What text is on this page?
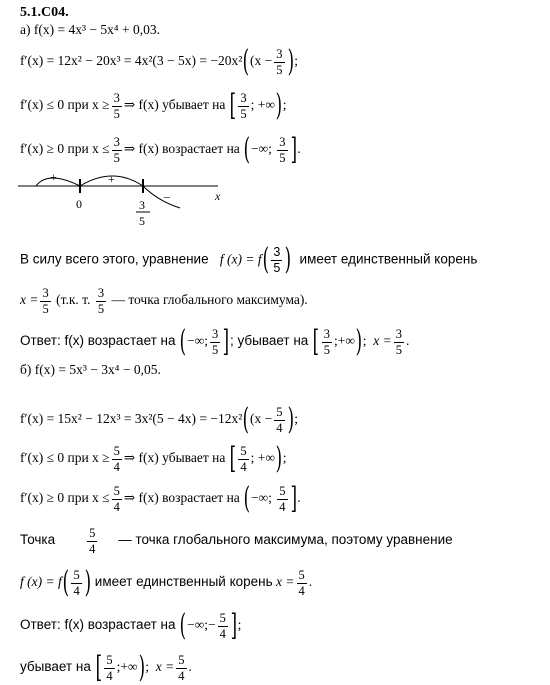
5.1.C04.
а) f(x) = 4x³ − 5x⁴ + 0,03.
$f'(x) = 12x^2 - 20x^3 = 4x^2(3 - 5x) = -20x^2((x - \frac{3}{5}$ );
f′(x) ≤ 0 при $x \ge \frac{3}{5}$ ⇒ f(x) убывает на [ $\frac{3}{5}$ ; +∞);
f′(x) ≥ 0 при $x \le \frac{3}{5}$ ⇒ f(x) возрастает на (−∞; $\frac{3}{5}$ ].
+	+
–
0	3
5
x
В силу всего этого, уравнение f $(x) = f( \frac{3}{5}$ ) имеет единственный корень
$x = \frac{3}{5} (т.к$. т. $\frac{3}{5}$ — точка глобального максимума).
Ответ: f(x) возрастает на (−∞; $\frac{3}{5}$ ]; убывает на [ $\frac{3}{5}$ ;+∞); $x = \frac{3}{5}$ .
б) f(x) = 5x³ − 3x⁴ − 0,05.
$f'(x) = 15x^2 - 12x^3 = 3x^2(5 - 4x) = -12x^2((x - \frac{5}{4}$ );
f′(x) ≤ 0 при $x \ge \frac{5}{4}$ ⇒ f(x) убывает на [ $\frac{5}{4}$ ; +∞);
f′(x) ≥ 0 при $x \le \frac{5}{4}$ ⇒ f(x) возрастает на (−∞; $\frac{5}{4}$ ].
Точка	$\frac{5}{4}$ — точка глобального максимума, поэтому уравнение
f $(x) = f( \frac{5}{4}$ ) имеет единственный корень $x = \frac{5}{4}$ .
Ответ: f(x) возрастает на (−∞;− $\frac{5}{4}$ ];
убывает на [ $\frac{5}{4}$ ;+∞); $x = \frac{5}{4}$ .
